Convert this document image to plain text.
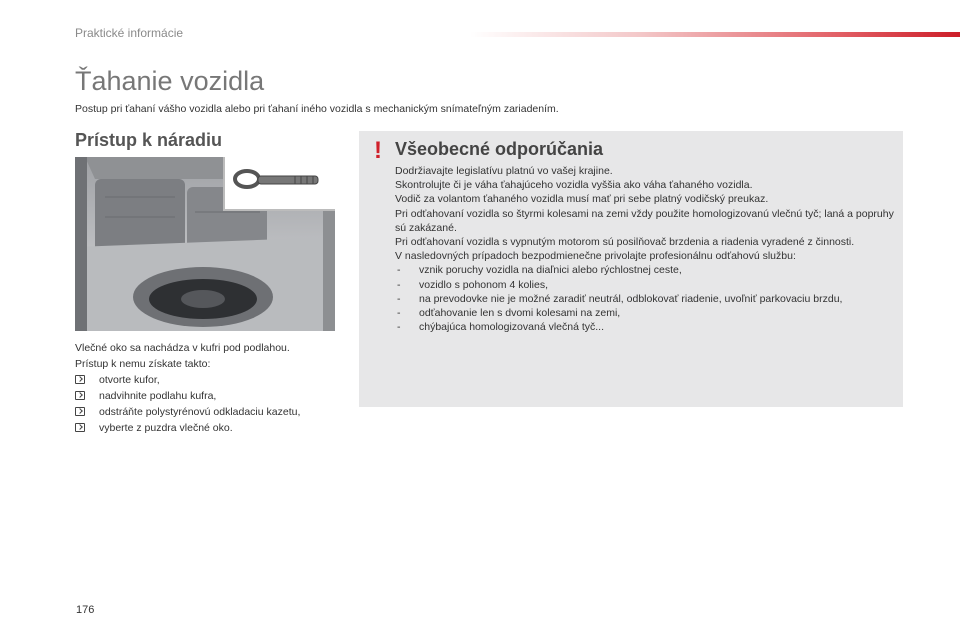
Praktické informácie
Ťahanie vozidla
Postup pri ťahaní vášho vozidla alebo pri ťahaní iného vozidla s mechanickým snímateľným zariadením.
Prístup k náradiu

Vlečné oko sa nachádza v kufri pod podlahou.

Prístup k nemu získate takto:

otvorte kufor,
nadvihnite podlahu kufra,
odstráňte polystyrénovú odkladaciu kazetu,
vyberte z puzdra vlečné oko.
! Všeobecné odporúčania

Dodržiavajte legislatívu platnú vo vašej krajine.

Skontrolujte či je váha ťahajúceho vozidla vyššia ako váha ťahaného vozidla.

Vodič za volantom ťahaného vozidla musí mať pri sebe platný vodičský preukaz.

Pri odťahovaní vozidla so štyrmi kolesami na zemi vždy použite homologizovanú vlečnú tyč; laná a popruhy sú zakázané.

Pri odťahovaní vozidla s vypnutým motorom sú posilňovač brzdenia a riadenia vyradené z činnosti.

V nasledovných prípadoch bezpodmienečne privolajte profesionálnu odťahovú službu:

- vznik poruchy vozidla na diaľnici alebo rýchlostnej ceste,
- vozidlo s pohonom 4 kolies,
- na prevodovke nie je možné zaradiť neutrál, odblokovať riadenie, uvoľniť parkovaciu brzdu,
- odťahovanie len s dvomi kolesami na zemi,
- chýbajúca homologizovaná vlečná tyč...
176
